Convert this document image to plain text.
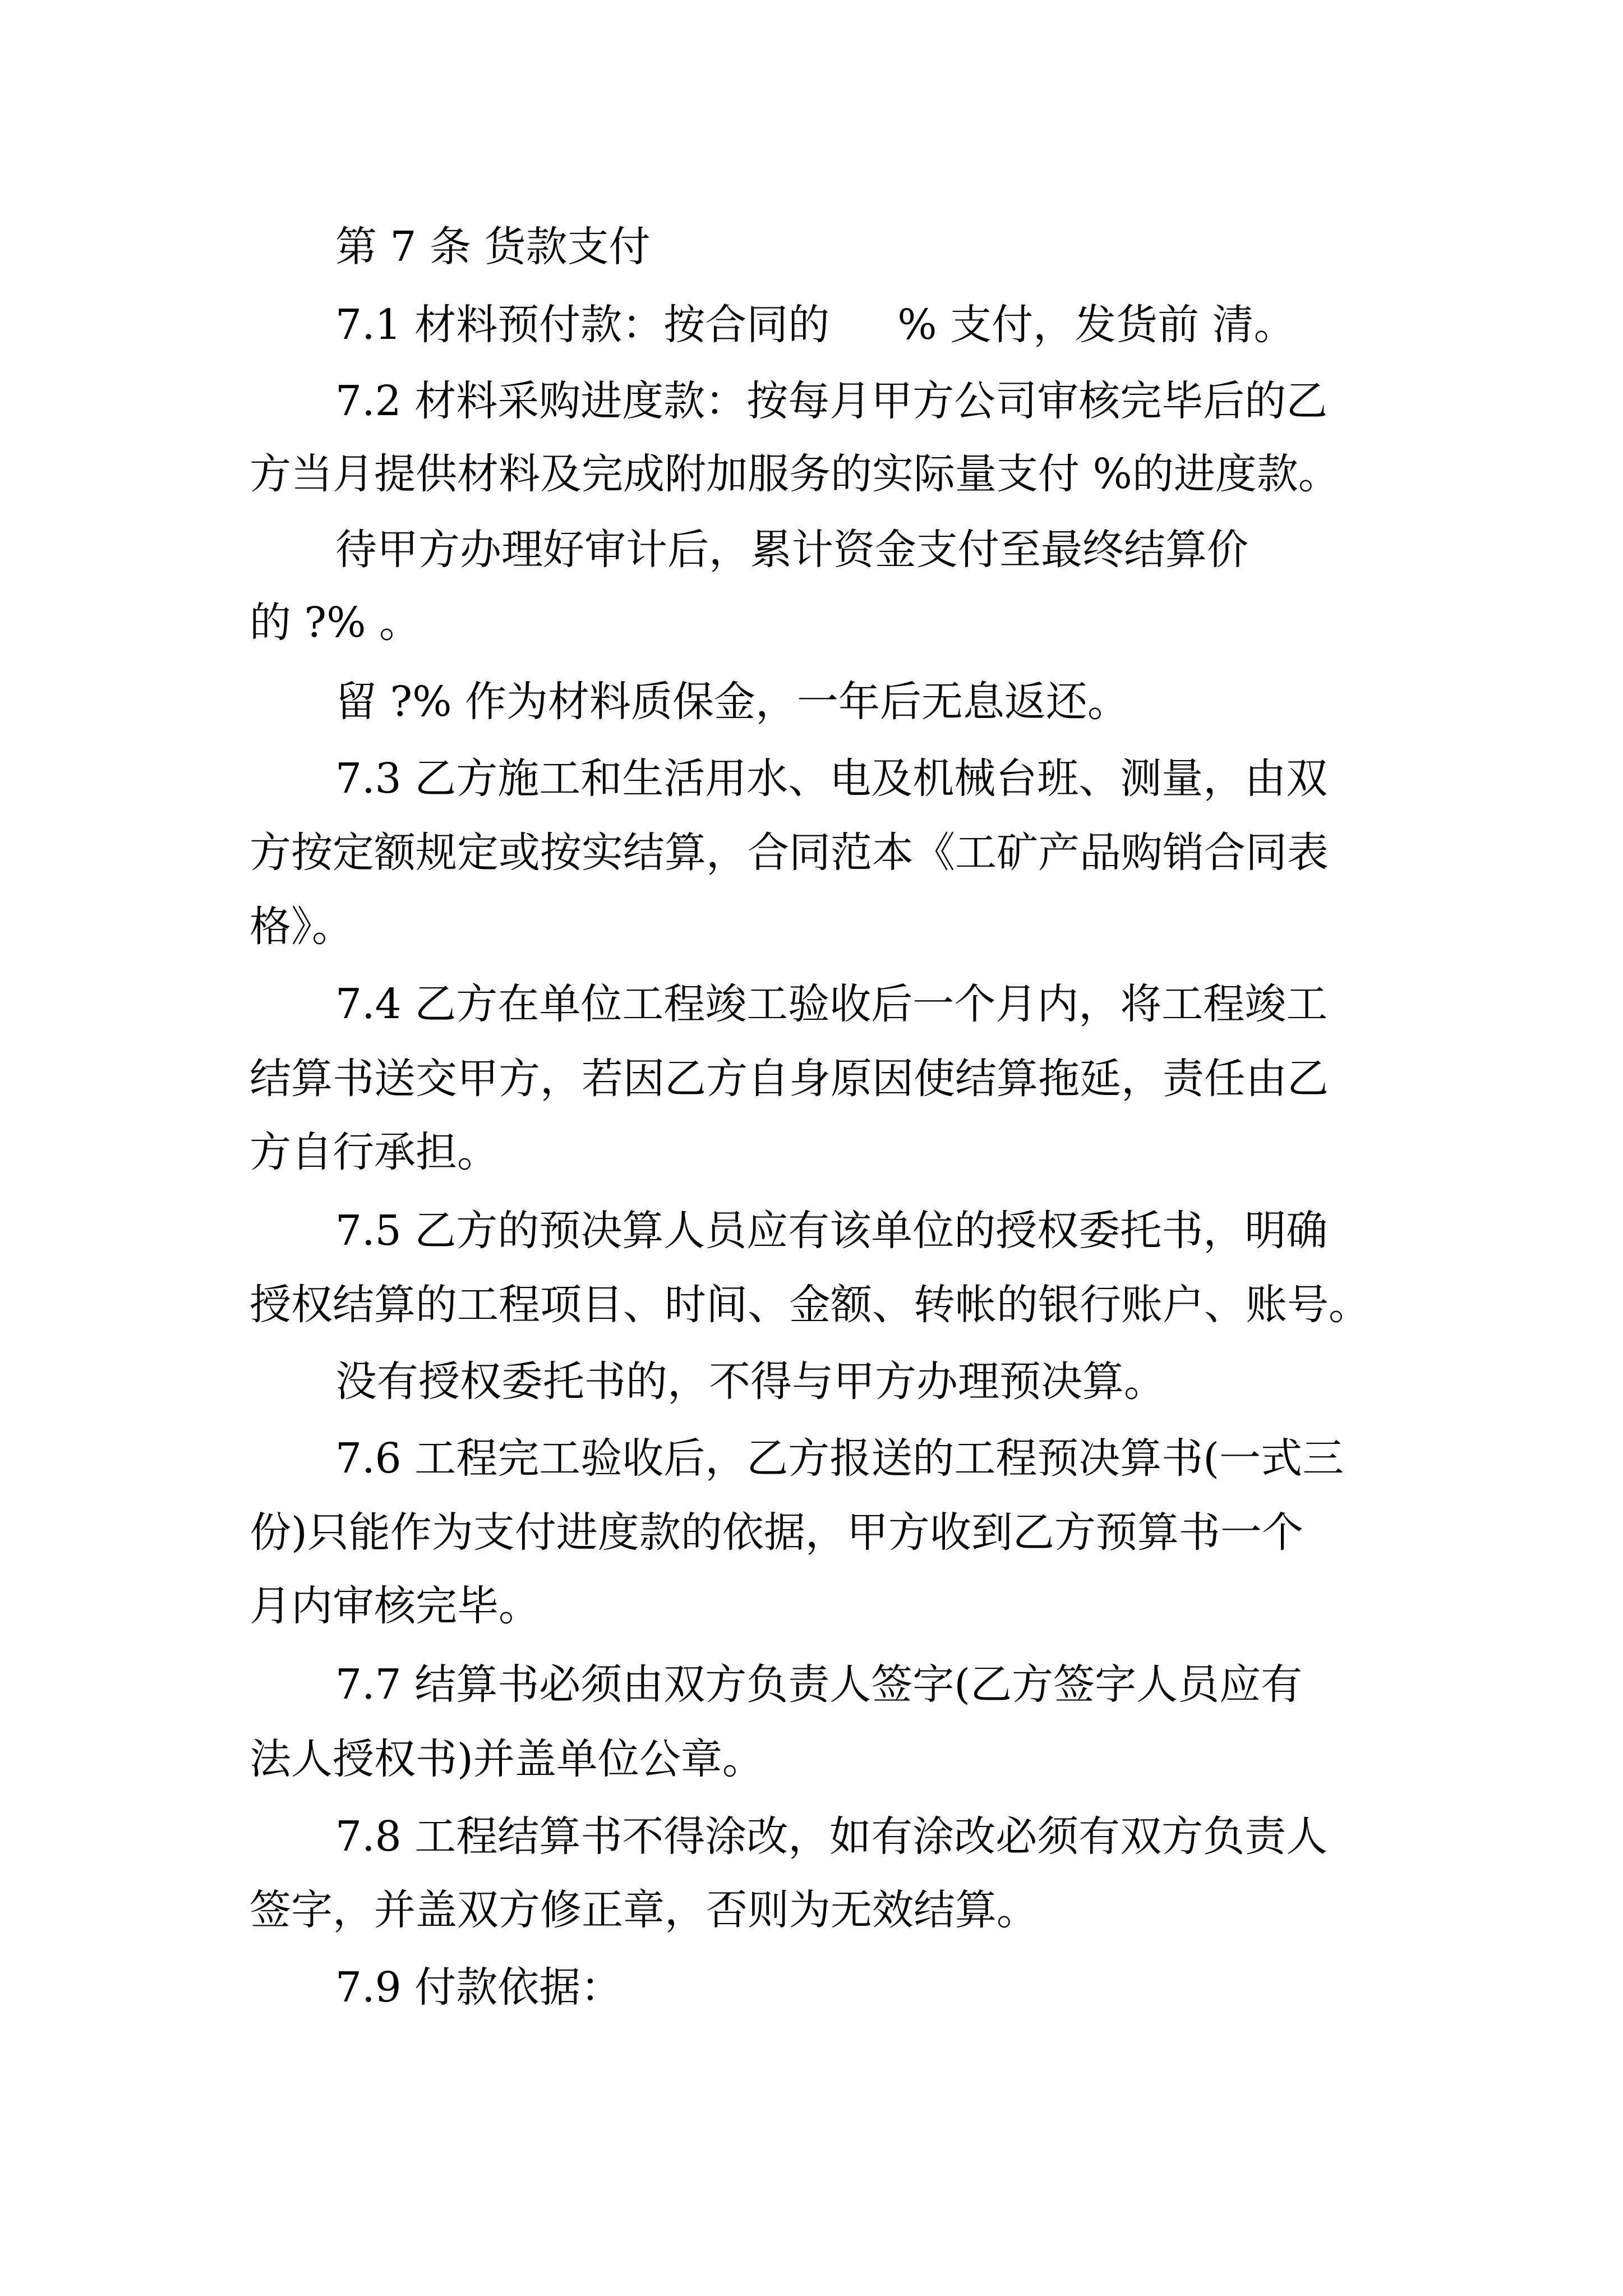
第 7 条 货款支付

7.1 材料预付款：按合同的 　 % 支付，发货前 清。

7.2 材料采购进度款：按每月甲方公司审核完毕后的乙

方当月提供材料及完成附加服务的实际量支付 %的进度款。

待甲方办理好审计后，累计资金支付至最终结算价

的 ?% 。

留 ?% 作为材料质保金，一年后无息返还。

7.3 乙方施工和生活用水、电及机械台班、测量，由双

方按定额规定或按实结算，合同范本《工矿产品购销合同表

格》。

7.4 乙方在单位工程竣工验收后一个月内，将工程竣工

结算书送交甲方，若因乙方自身原因使结算拖延，责任由乙

方自行承担。

7.5 乙方的预决算人员应有该单位的授权委托书，明确

授权结算的工程项目、时间、金额、转帐的银行账户、账号。

没有授权委托书的，不得与甲方办理预决算。

7.6 工程完工验收后，乙方报送的工程预决算书(一式三

份)只能作为支付进度款的依据，甲方收到乙方预算书一个

月内审核完毕。

7.7 结算书必须由双方负责人签字(乙方签字人员应有

法人授权书)并盖单位公章。

7.8 工程结算书不得涂改，如有涂改必须有双方负责人

签字，并盖双方修正章，否则为无效结算。

7.9 付款依据：
